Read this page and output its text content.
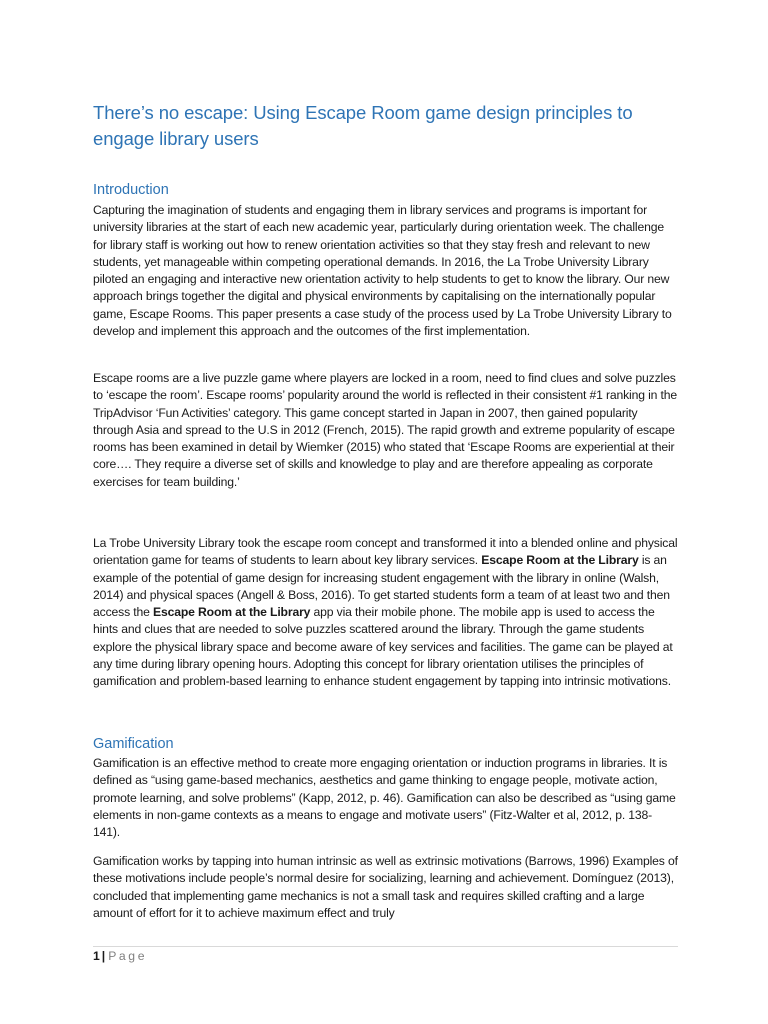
There’s no escape: Using Escape Room game design principles to engage library users
Introduction

Capturing the imagination of students and engaging them in library services and programs is important for university libraries at the start of each new academic year, particularly during orientation week. The challenge for library staff is working out how to renew orientation activities so that they stay fresh and relevant to new students, yet manageable within competing operational demands. In 2016, the La Trobe University Library piloted an engaging and interactive new orientation activity to help students to get to know the library. Our new approach brings together the digital and physical environments by capitalising on the internationally popular game, Escape Rooms. This paper presents a case study of the process used by La Trobe University Library to develop and implement this approach and the outcomes of the first implementation.

Escape rooms are a live puzzle game where players are locked in a room, need to find clues and solve puzzles to ‘escape the room’. Escape rooms’ popularity around the world is reflected in their consistent #1 ranking in the TripAdvisor ‘Fun Activities’ category. This game concept started in Japan in 2007, then gained popularity through Asia and spread to the U.S in 2012 (French, 2015). The rapid growth and extreme popularity of escape rooms has been examined in detail by Wiemker (2015) who stated that ‘Escape Rooms are experiential at their core…. They require a diverse set of skills and knowledge to play and are therefore appealing as corporate exercises for team building.’

La Trobe University Library took the escape room concept and transformed it into a blended online and physical orientation game for teams of students to learn about key library services. Escape Room at the Library is an example of the potential of game design for increasing student engagement with the library in online (Walsh, 2014) and physical spaces (Angell & Boss, 2016). To get started students form a team of at least two and then access the Escape Room at the Library app via their mobile phone. The mobile app is used to access the hints and clues that are needed to solve puzzles scattered around the library. Through the game students explore the physical library space and become aware of key services and facilities. The game can be played at any time during library opening hours. Adopting this concept for library orientation utilises the principles of gamification and problem-based learning to enhance student engagement by tapping into intrinsic motivations.

Gamification

Gamification is an effective method to create more engaging orientation or induction programs in libraries. It is defined as “using game-based mechanics, aesthetics and game thinking to engage people, motivate action, promote learning, and solve problems” (Kapp, 2012, p. 46). Gamification can also be described as “using game elements in non-game contexts as a means to engage and motivate users” (Fitz-Walter et al, 2012, p. 138-141).

Gamification works by tapping into human intrinsic as well as extrinsic motivations (Barrows, 1996) Examples of these motivations include people’s normal desire for socializing, learning and achievement. Domínguez (2013), concluded that implementing game mechanics is not a small task and requires skilled crafting and a large amount of effort for it to achieve maximum effect and truly

1 | Page
